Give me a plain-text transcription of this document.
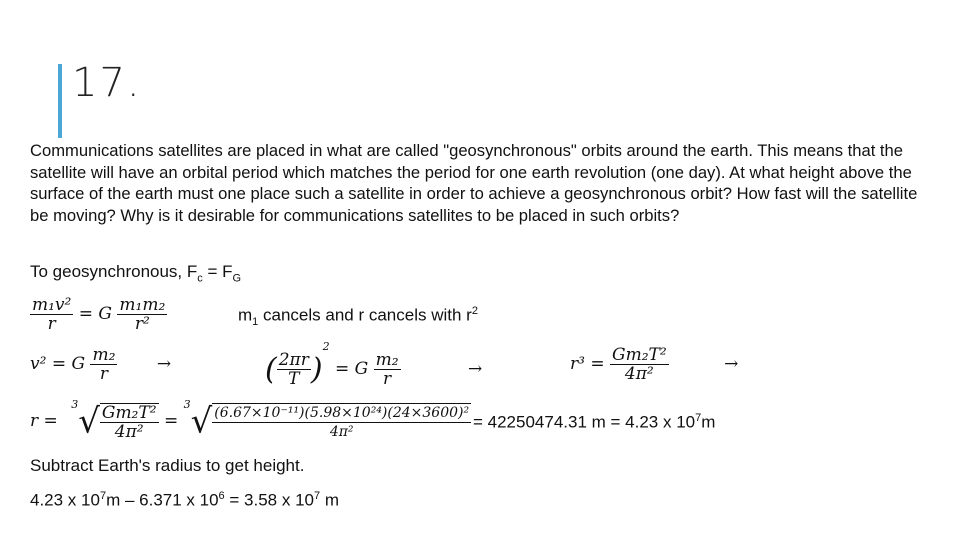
17.

Communications satellites are placed in what are called "geosynchronous" orbits around the earth. This means that the satellite will have an orbital period which matches the period for one earth revolution (one day). At what height above the surface of the earth must one place such a satellite in order to achieve a geosynchronous orbit? How fast will the satellite be moving? Why is it desirable for communications satellites to be placed in such orbits?

To geosynchronous, $F_c = F_G$
$\frac{\text{m₁v²}}{r} = G \frac{\text{m₁m₂}}{\text{r²}}$	$m_1$ cancels and r cancels with $r^2$
v² = G $\frac{\text{m₂}}{r}$ →	( $\frac{2\pi r}{T} )^2 = G \frac{\text{m₂}}{r}$	→	$r^3 = \frac{\text{Gm₂T²}}{\text{4π²}}$	→
$r = ^3√ \frac{\text{Gm₂T²}}{\text{4π²}} = ^3√ \frac{\text{(6.67×10⁻¹¹)(5.98×10²⁴)(24×3600)²}}{\text{4π²}} = 42250474.31$ m = 4.23 x $10^7m$
Subtract Earth's radius to get height.
4.23 x $10^7m - 6.371$ x $10^6 = 3.58$ x $10^7$ m
